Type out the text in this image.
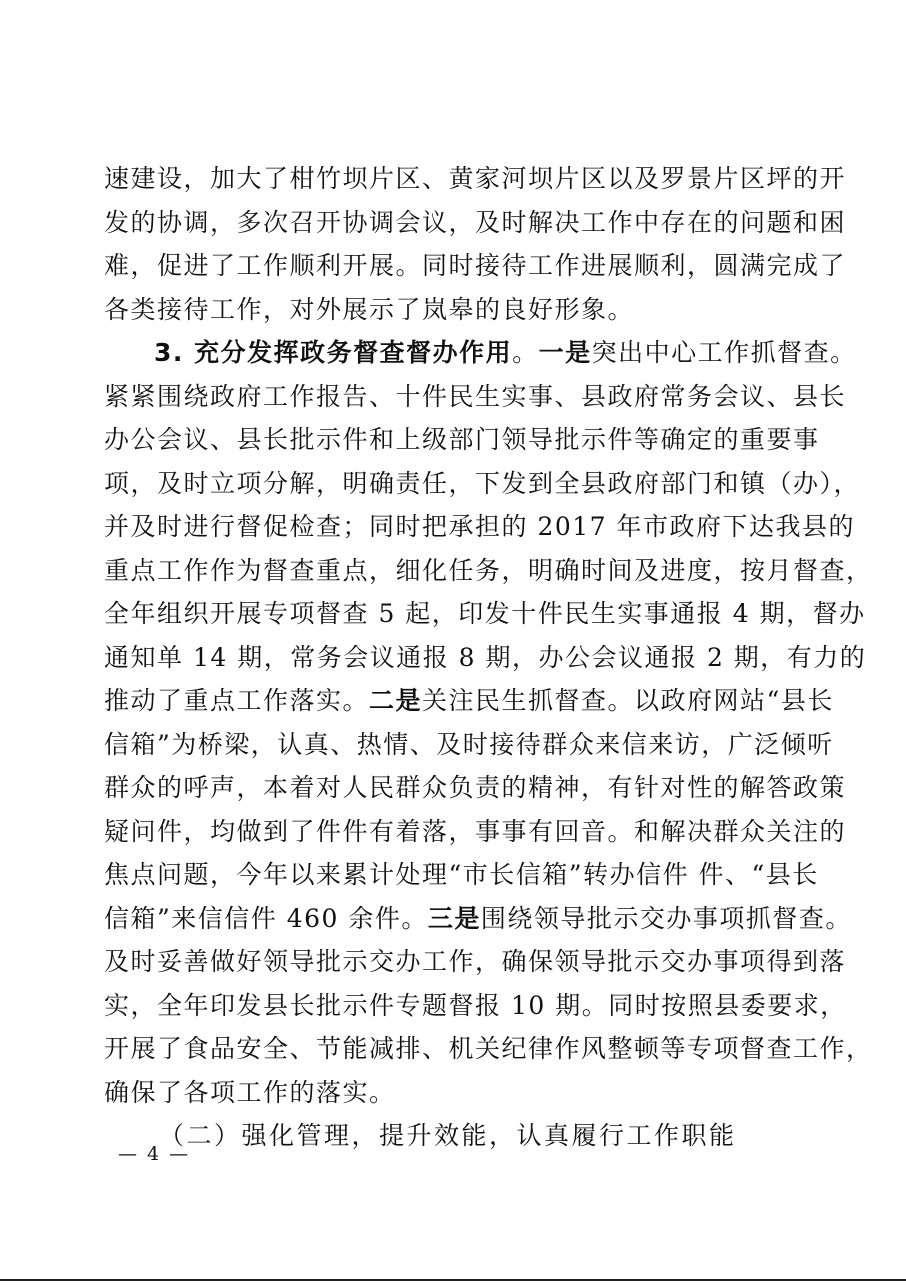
速建设，加大了柑竹坝片区、黄家河坝片区以及罗景片区坪的开
发的协调，多次召开协调会议，及时解决工作中存在的问题和困
难，促进了工作顺利开展。同时接待工作进展顺利，圆满完成了
各类接待工作，对外展示了岚皋的良好形象。
3. 充分发挥政务督查督办作用。一是突出中心工作抓督查。
紧紧围绕政府工作报告、十件民生实事、县政府常务会议、县长
办公会议、县长批示件和上级部门领导批示件等确定的重要事
项，及时立项分解，明确责任，下发到全县政府部门和镇（办），
并及时进行督促检查；同时把承担的 2017 年市政府下达我县的
重点工作作为督查重点，细化任务，明确时间及进度，按月督查，
全年组织开展专项督查 5 起，印发十件民生实事通报 4 期，督办
通知单 14 期，常务会议通报 8 期，办公会议通报 2 期，有力的
推动了重点工作落实。二是关注民生抓督查。以政府网站“县长
信箱”为桥梁，认真、热情、及时接待群众来信来访，广泛倾听
群众的呼声，本着对人民群众负责的精神，有针对性的解答政策
疑问件，均做到了件件有着落，事事有回音。和解决群众关注的
焦点问题，今年以来累计处理“市长信箱”转办信件 件、“县长
信箱”来信信件 460 余件。三是围绕领导批示交办事项抓督查。
及时妥善做好领导批示交办工作，确保领导批示交办事项得到落
实，全年印发县长批示件专题督报 10 期。同时按照县委要求，
开展了食品安全、节能减排、机关纪律作风整顿等专项督查工作，
确保了各项工作的落实。
（二）强化管理，提升效能，认真履行工作职能
— 4 —
